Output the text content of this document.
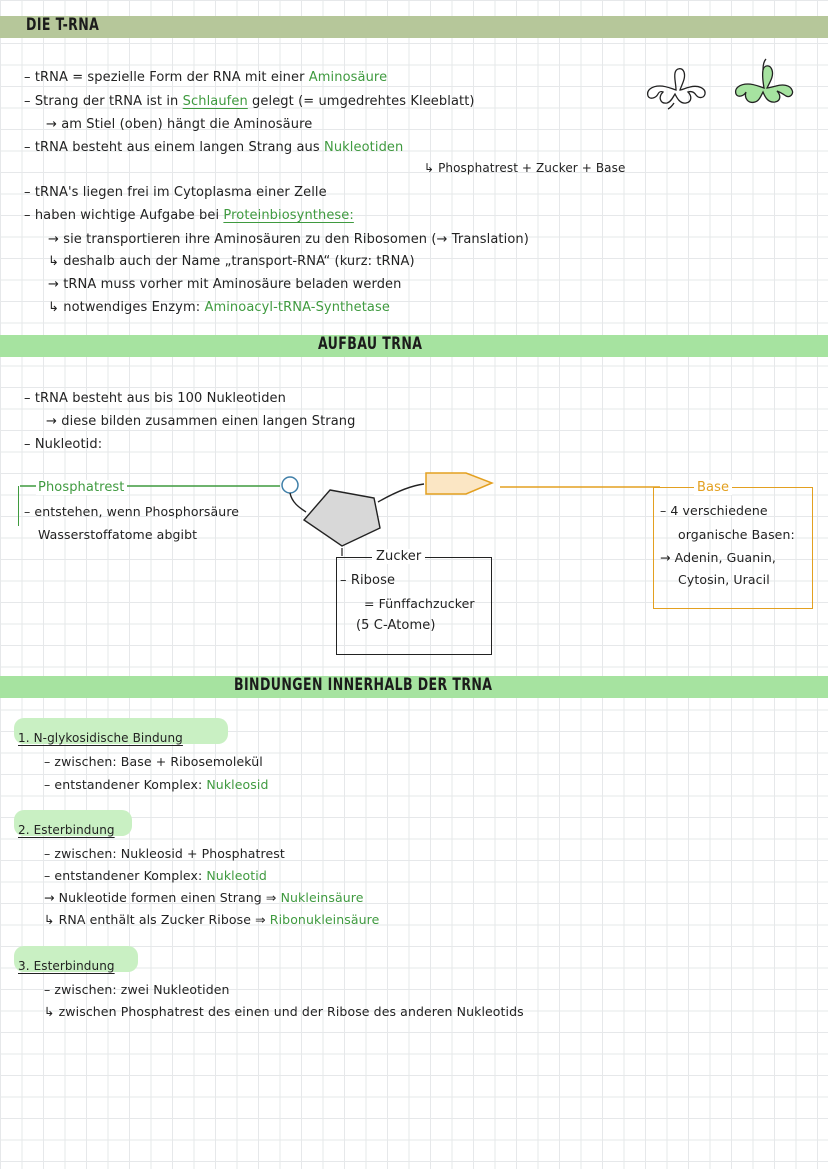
DIE T-RNA
– tRNA = spezielle Form der RNA mit einer Aminosäure
– Strang der tRNA ist in Schlaufen gelegt (= umgedrehtes Kleeblatt)
→ am Stiel (oben) hängt die Aminosäure
– tRNA besteht aus einem langen Strang aus Nukleotiden
↳ Phosphatrest + Zucker + Base
– tRNA's liegen frei im Cytoplasma einer Zelle
– haben wichtige Aufgabe bei Proteinbiosynthese:
→ sie transportieren ihre Aminosäuren zu den Ribosomen (→ Translation)
↳ deshalb auch der Name „transport-RNA“ (kurz: tRNA)
→ tRNA muss vorher mit Aminosäure beladen werden
↳ notwendiges Enzym: Aminoacyl-tRNA-Synthetase
AUFBAU TRNA
– tRNA besteht aus bis 100 Nukleotiden
→ diese bilden zusammen einen langen Strang
– Nukleotid:
Phosphatrest
– entstehen, wenn Phosphorsäure
Wasserstoffatome abgibt
Zucker
– Ribose
= Fünffachzucker
(5 C-Atome)
Base
– 4 verschiedene
organische Basen:
→ Adenin, Guanin,
Cytosin, Uracil
BINDUNGEN INNERHALB DER TRNA
1. N-glykosidische Bindung
– zwischen: Base + Ribosemolekül
– entstandener Komplex: Nukleosid
2. Esterbindung
– zwischen: Nukleosid + Phosphatrest
– entstandener Komplex: Nukleotid
→ Nukleotide formen einen Strang ⇒ Nukleinsäure
↳ RNA enthält als Zucker Ribose ⇒ Ribonukleinsäure
3. Esterbindung
– zwischen: zwei Nukleotiden
↳ zwischen Phosphatrest des einen und der Ribose des anderen Nukleotids
